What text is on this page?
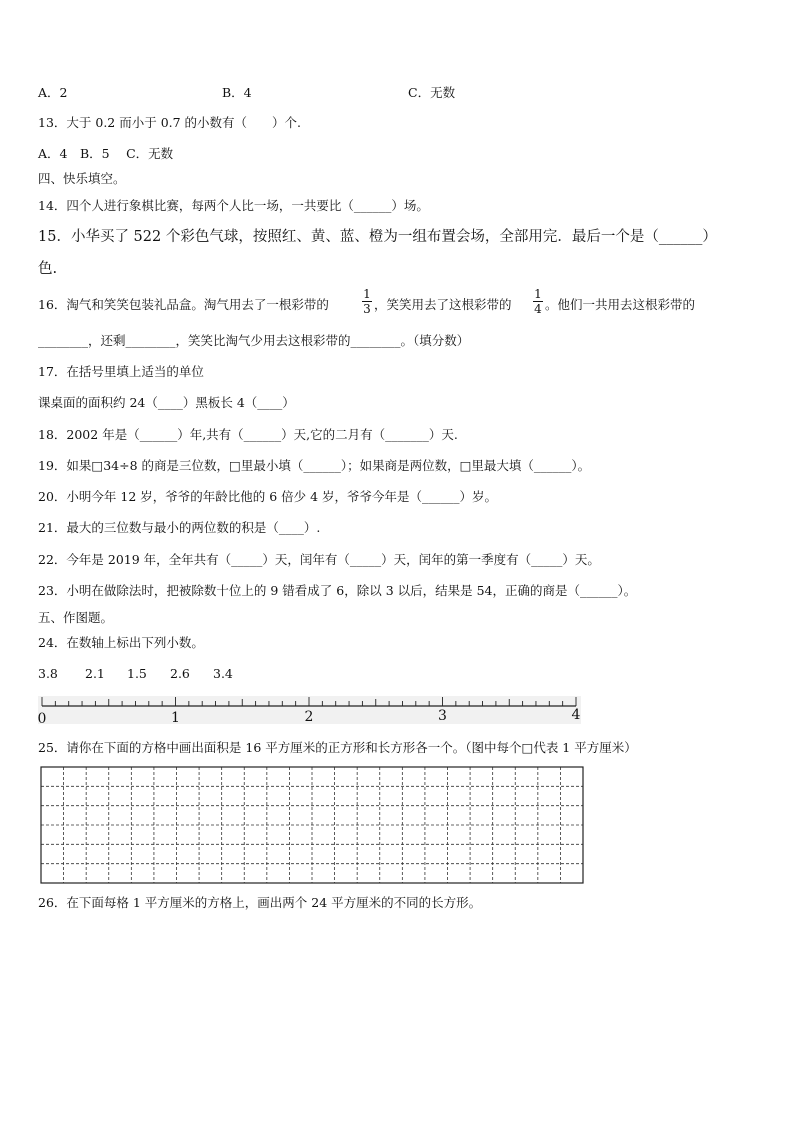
A．2	B．4	C．无数
13．大于 0.2 而小于 0.7 的小数有（　　）个.
A．4　B．5　 C．无数
四、快乐填空。
14．四个人进行象棋比赛，每两个人比一场，一共要比（______）场。
15．小华买了 522 个彩色气球，按照红、黄、蓝、橙为一组布置会场，全部用完．最后一个是（______）
色.
16．淘气和笑笑包装礼品盒。淘气用去了一根彩带的
1
3 ，笑笑用去了这根彩带的
1
4 。他们一共用去这根彩带的
________，还剩________，笑笑比淘气少用去这根彩带的________。（填分数）
17．在括号里填上适当的单位
课桌面的面积约 24（____）黑板长 4（____）
18．2002 年是（______）年,共有（______）天,它的二月有（_______）天.
19．如果□34÷8 的商是三位数，□里最小填（______）；如果商是两位数，□里最大填（______）。
20．小明今年 12 岁，爷爷的年龄比他的 6 倍少 4 岁，爷爷今年是（______）岁。
21．最大的三位数与最小的两位数的积是（____）.
22．今年是 2019 年，全年共有（_____）天，闰年有（_____）天，闰年的第一季度有（_____）天。
23．小明在做除法时，把被除数十位上的 9 错看成了 6，除以 3 以后，结果是 54，正确的商是（______）。
五、作图题。
24．在数轴上标出下列小数。
3.8 2.1 1.5 2.6 3.4
0	1	2	3	4
25．请你在下面的方格中画出面积是 16 平方厘米的正方形和长方形各一个。（图中每个□代表 1 平方厘米）
26．在下面每格 1 平方厘米的方格上，画出两个 24 平方厘米的不同的长方形。
